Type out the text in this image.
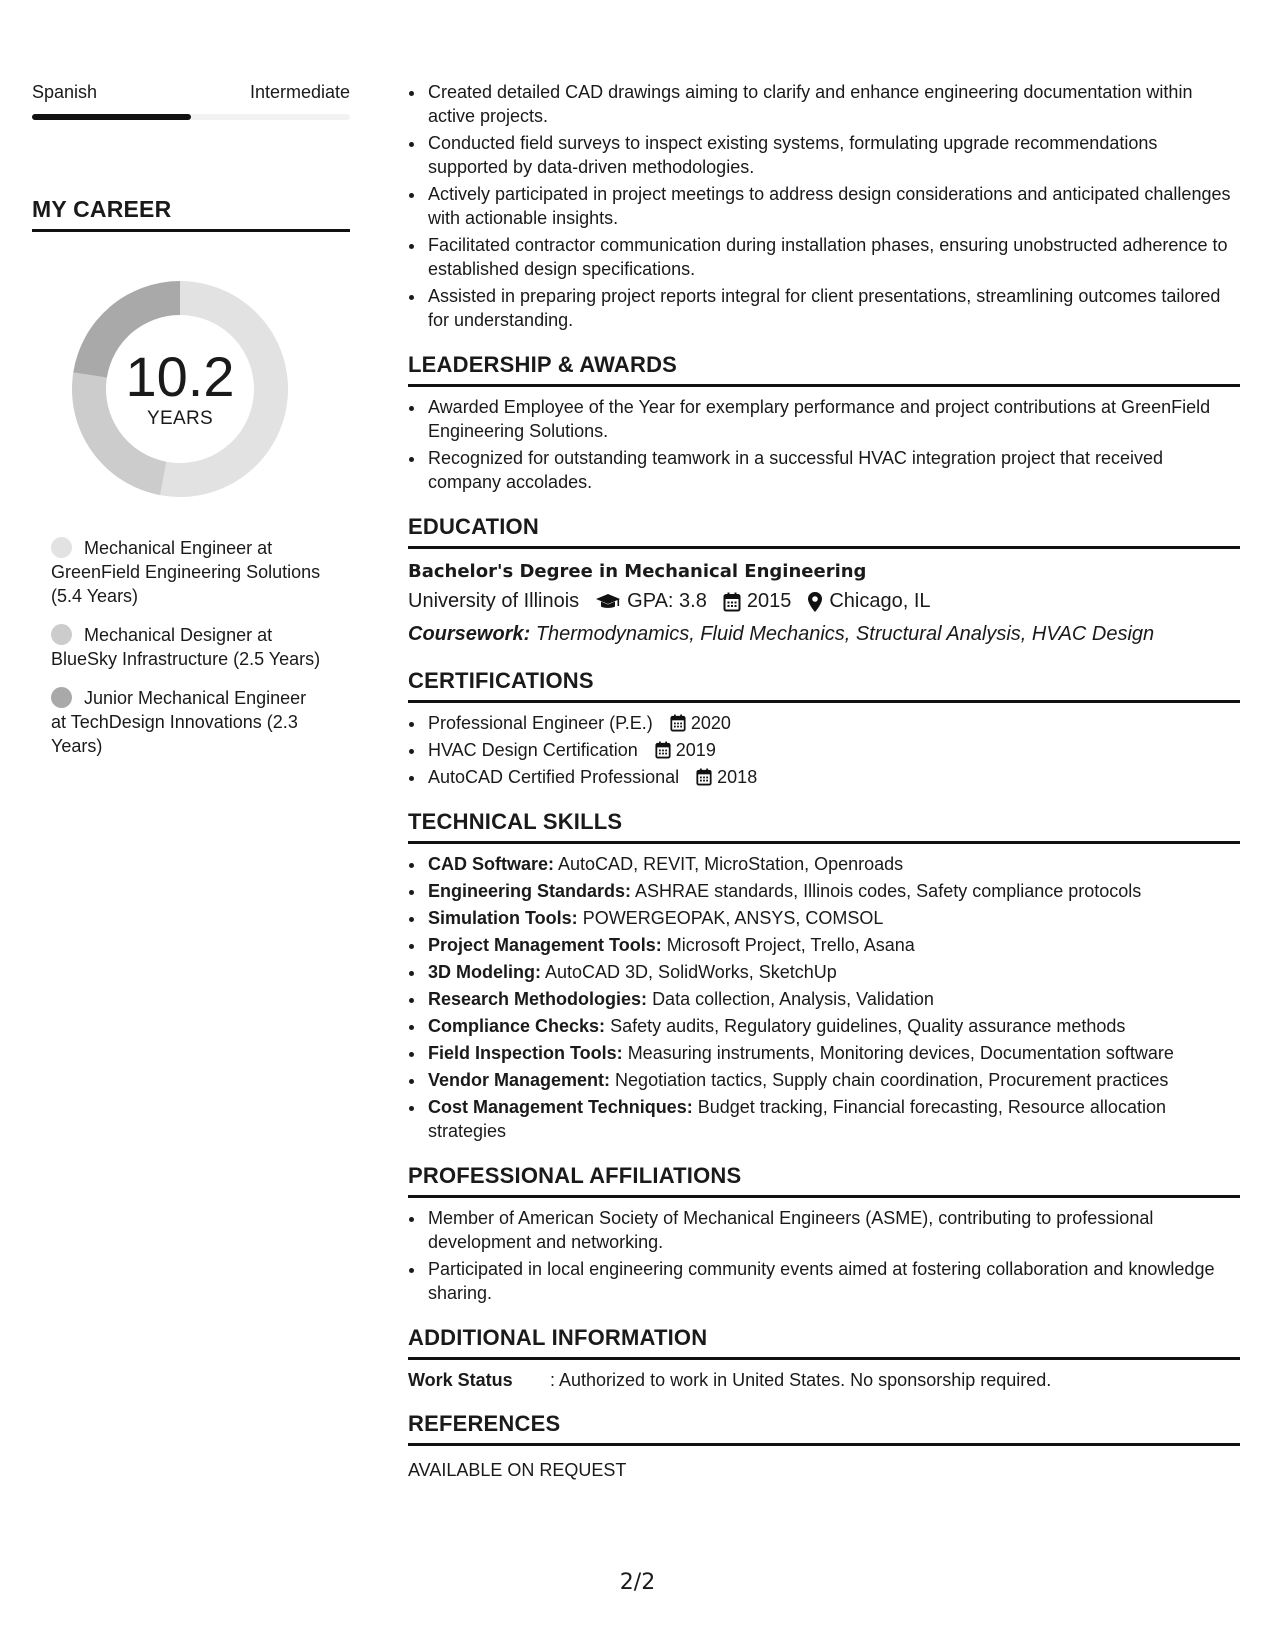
Spanish	Intermediate
MY CAREER
10.2
YEARS
Mechanical Engineer at GreenField Engineering Solutions (5.4 Years)
Mechanical Designer at BlueSky Infrastructure (2.5 Years)
Junior Mechanical Engineer at TechDesign Innovations (2.3 Years)
• Created detailed CAD drawings aiming to clarify and enhance engineering documentation within active projects.
• Conducted field surveys to inspect existing systems, formulating upgrade recommendations supported by data-driven methodologies.
• Actively participated in project meetings to address design considerations and anticipated challenges with actionable insights.
• Facilitated contractor communication during installation phases, ensuring unobstructed adherence to established design specifications.
• Assisted in preparing project reports integral for client presentations, streamlining outcomes tailored for understanding.
LEADERSHIP & AWARDS
• Awarded Employee of the Year for exemplary performance and project contributions at GreenField Engineering Solutions.
• Recognized for outstanding teamwork in a successful HVAC integration project that received company accolades.
EDUCATION
Bachelor's Degree in Mechanical Engineering
University of Illinois GPA: 3.8 2015 Chicago, IL
Coursework: Thermodynamics, Fluid Mechanics, Structural Analysis, HVAC Design
CERTIFICATIONS
• Professional Engineer (P.E.) 2020
• HVAC Design Certification 2019
• AutoCAD Certified Professional 2018
TECHNICAL SKILLS
• CAD Software: AutoCAD, REVIT, MicroStation, Openroads
• Engineering Standards: ASHRAE standards, Illinois codes, Safety compliance protocols
• Simulation Tools: POWERGEOPAK, ANSYS, COMSOL
• Project Management Tools: Microsoft Project, Trello, Asana
• 3D Modeling: AutoCAD 3D, SolidWorks, SketchUp
• Research Methodologies: Data collection, Analysis, Validation
• Compliance Checks: Safety audits, Regulatory guidelines, Quality assurance methods
• Field Inspection Tools: Measuring instruments, Monitoring devices, Documentation software
• Vendor Management: Negotiation tactics, Supply chain coordination, Procurement practices
• Cost Management Techniques: Budget tracking, Financial forecasting, Resource allocation strategies
PROFESSIONAL AFFILIATIONS
• Member of American Society of Mechanical Engineers (ASME), contributing to professional development and networking.
• Participated in local engineering community events aimed at fostering collaboration and knowledge sharing.
ADDITIONAL INFORMATION
Work Status	: Authorized to work in United States. No sponsorship required.
REFERENCES
AVAILABLE ON REQUEST
2/2
